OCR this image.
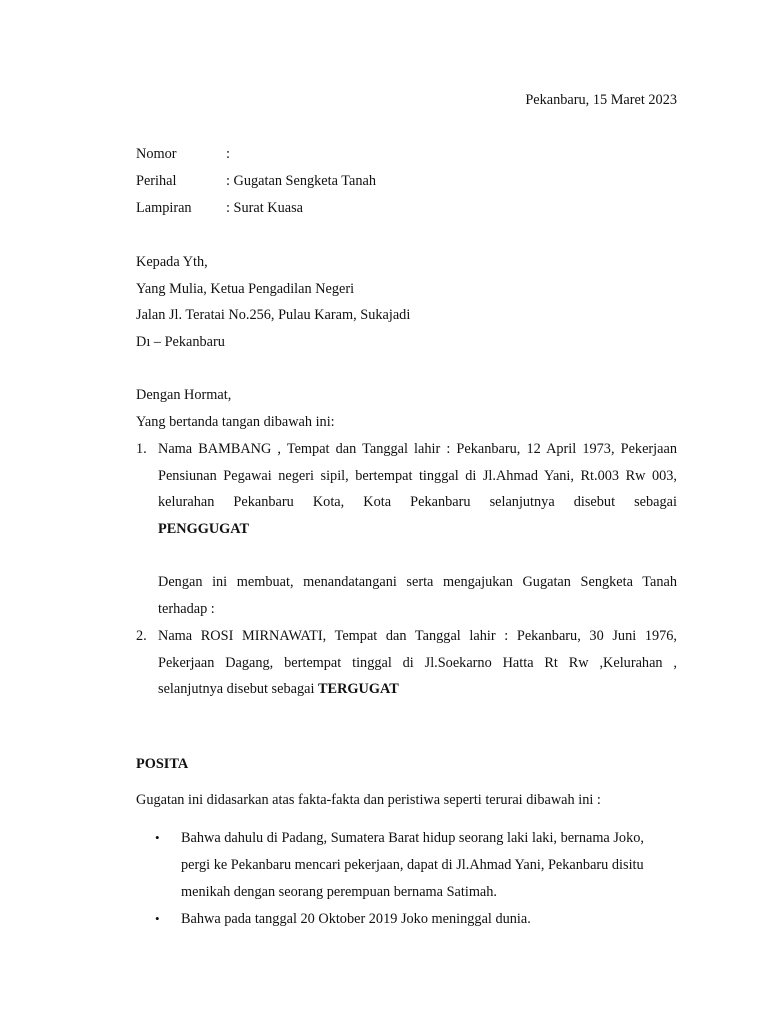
Pekanbaru, 15 Maret 2023
Nomor	:
Perihal	: Gugatan Sengketa Tanah
Lampiran : Surat Kuasa
Kepada Yth,
Yang Mulia, Ketua Pengadilan Negeri
Jalan Jl. Teratai No.256, Pulau Karam, Sukajadi
Dı – Pekanbaru
Dengan Hormat,
Yang bertanda tangan dibawah ini:
1. Nama BAMBANG , Tempat dan Tanggal lahir : Pekanbaru, 12 April 1973, Pekerjaan
Pensiunan Pegawai negeri sipil, bertempat tinggal di Jl.Ahmad Yani, Rt.003 Rw 003,
kelurahan Pekanbaru Kota, Kota Pekanbaru selanjutnya disebut sebagai
PENGGUGAT
Dengan ini membuat, menandatangani serta mengajukan Gugatan Sengketa Tanah
terhadap :
2. Nama ROSI MIRNAWATI, Tempat dan Tanggal lahir : Pekanbaru, 30 Juni 1976,
Pekerjaan Dagang, bertempat tinggal di Jl.Soekarno Hatta Rt Rw ,Kelurahan ,
selanjutnya disebut sebagai TERGUGAT
POSITA
Gugatan ini didasarkan atas fakta-fakta dan peristiwa seperti terurai dibawah ini :
• Bahwa dahulu di Padang, Sumatera Barat hidup seorang laki laki, bernama Joko,
pergi ke Pekanbaru mencari pekerjaan, dapat di Jl.Ahmad Yani, Pekanbaru disitu
menikah dengan seorang perempuan bernama Satimah.
• Bahwa pada tanggal 20 Oktober 2019 Joko meninggal dunia.
